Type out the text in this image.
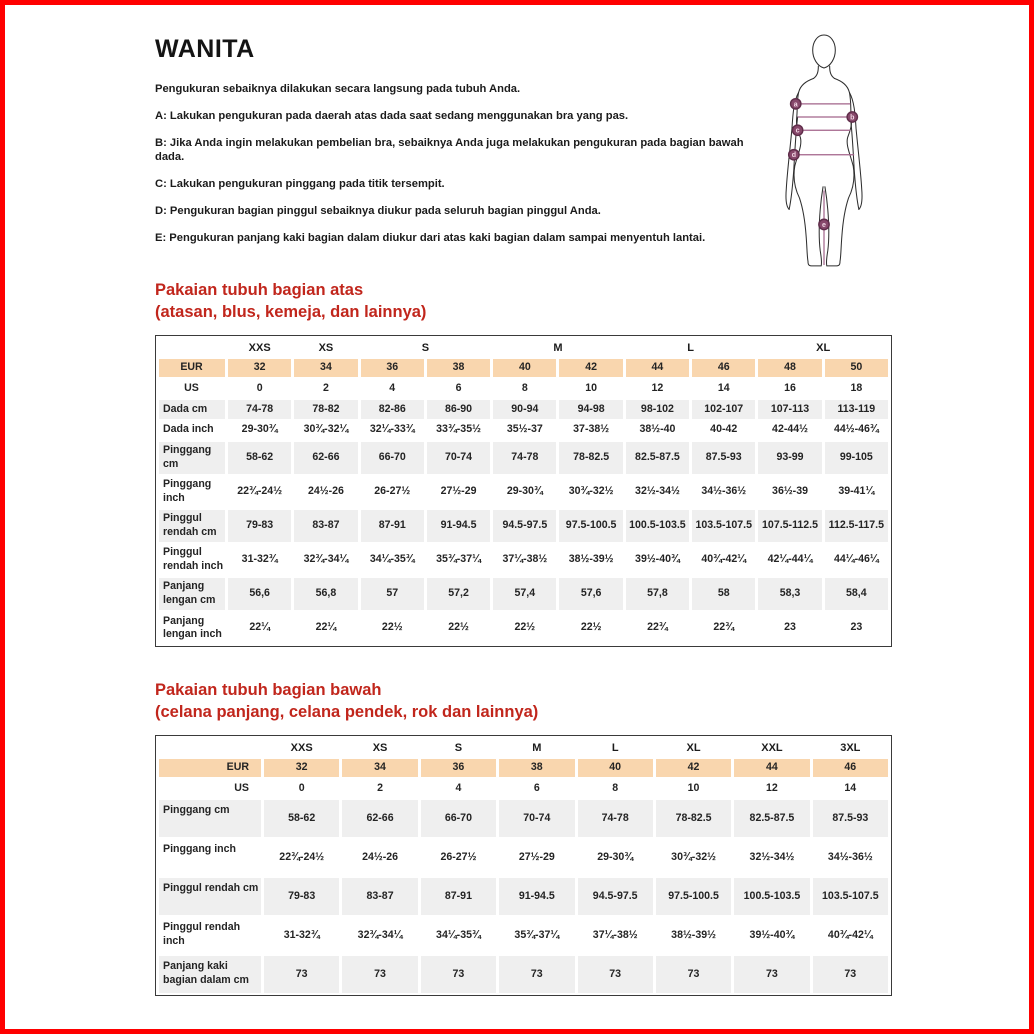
WANITA

Pengukuran sebaiknya dilakukan secara langsung pada tubuh Anda.

A: Lakukan pengukuran pada daerah atas dada saat sedang menggunakan bra yang pas.

B: Jika Anda ingin melakukan pembelian bra, sebaiknya Anda juga melakukan pengukuran pada bagian bawah dada.

C: Lakukan pengukuran pinggang pada titik tersempit.

D: Pengukuran bagian pinggul sebaiknya diukur pada seluruh bagian pinggul Anda.

E: Pengukuran panjang kaki bagian dalam diukur dari atas kaki bagian dalam sampai menyentuh lantai.

Pakaian tubuh bagian atas
(atasan, blus, kemeja, dan lainnya)
	XXS	XS	S		M		L		XL	
EUR	32	34	36	38	40	42	44	46	48	50
US	0	2	4	6	8	10	12	14	16	18
Dada cm	74-78	78-82	82-86	86-90	90-94	94-98	98-102	102-107	107-113	113-119
Dada inch	29-30¾	30¾-32¼	32¼-33¾	33¾-35½	35½-37	37-38½	38½-40	40-42	42-44½	44½-46¾
Pinggang cm	58-62	62-66	66-70	70-74	74-78	78-82.5	82.5-87.5	87.5-93	93-99	99-105
Pinggang inch	22¾-24½	24½-26	26-27½	27½-29	29-30¾	30¾-32½	32½-34½	34½-36½	36½-39	39-41¼
Pinggul rendah cm	79-83	83-87	87-91	91-94.5	94.5-97.5	97.5-100.5	100.5-103.5	103.5-107.5	107.5-112.5	112.5-117.5
Pinggul rendah inch	31-32¾	32¾-34¼	34¼-35¾	35¾-37¼	37¼-38½	38½-39½	39½-40¾	40¾-42¼	42¼-44¼	44¼-46¼
Panjang lengan cm	56,6	56,8	57	57,2	57,4	57,6	57,8	58	58,3	58,4
Panjang lengan inch	22¼	22¼	22½	22½	22½	22½	22¾	22¾	23	23
Pakaian tubuh bagian bawah
(celana panjang, celana pendek, rok dan lainnya)
	XXS	XS	S	M	L	XL	XXL	3XL
EUR	32	34	36	38	40	42	44	46
US	0	2	4	6	8	10	12	14
Pinggang cm	58-62	62-66	66-70	70-74	74-78	78-82.5	82.5-87.5	87.5-93
Pinggang inch	22¾-24½	24½-26	26-27½	27½-29	29-30¾	30¾-32½	32½-34½	34½-36½
Pinggul rendah cm	79-83	83-87	87-91	91-94.5	94.5-97.5	97.5-100.5	100.5-103.5	103.5-107.5
Pinggul rendah inch	31-32¾	32¾-34¼	34¼-35¾	35¾-37¼	37¼-38½	38½-39½	39½-40¾	40¾-42¼
Panjang kaki bagian dalam cm	73	73	73	73	73	73	73	73
a
b
c
d
e
